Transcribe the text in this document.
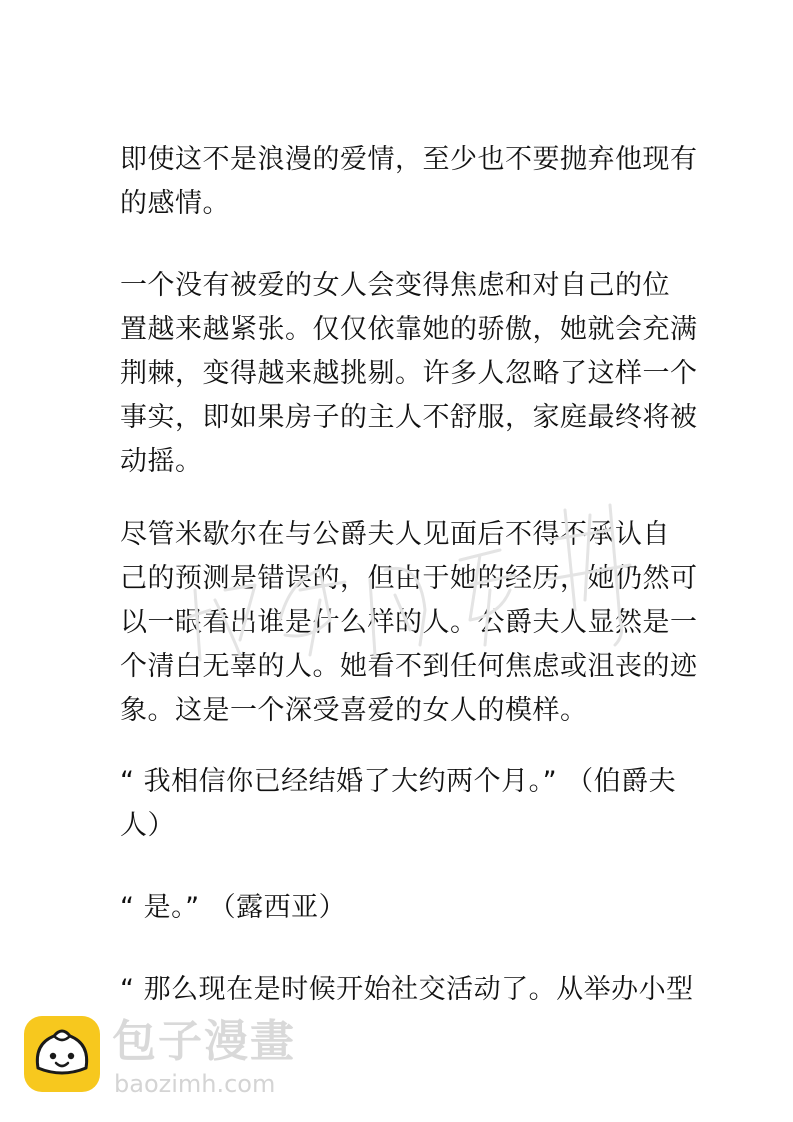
即使这不是浪漫的爱情，至少也不要抛弃他现有
的感情。
一个没有被爱的女人会变得焦虑和对自己的位
置越来越紧张。仅仅依靠她的骄傲，她就会充满
荆棘，变得越来越挑剔。许多人忽略了这样一个
事实，即如果房子的主人不舒服，家庭最终将被
动摇。
尽管米歇尔在与公爵夫人见面后不得不承认自
己的预测是错误的，但由于她的经历，她仍然可
以一眼看出谁是什么样的人。公爵夫人显然是一
个清白无辜的人。她看不到任何焦虑或沮丧的迹
象。这是一个深受喜爱的女人的模样。
“ 我相信你已经结婚了大约两个月。” （伯爵夫
人）
“ 是。” （露西亚）
“ 那么现在是时候开始社交活动了。从举办小型
包子漫畫
baozimh.com
